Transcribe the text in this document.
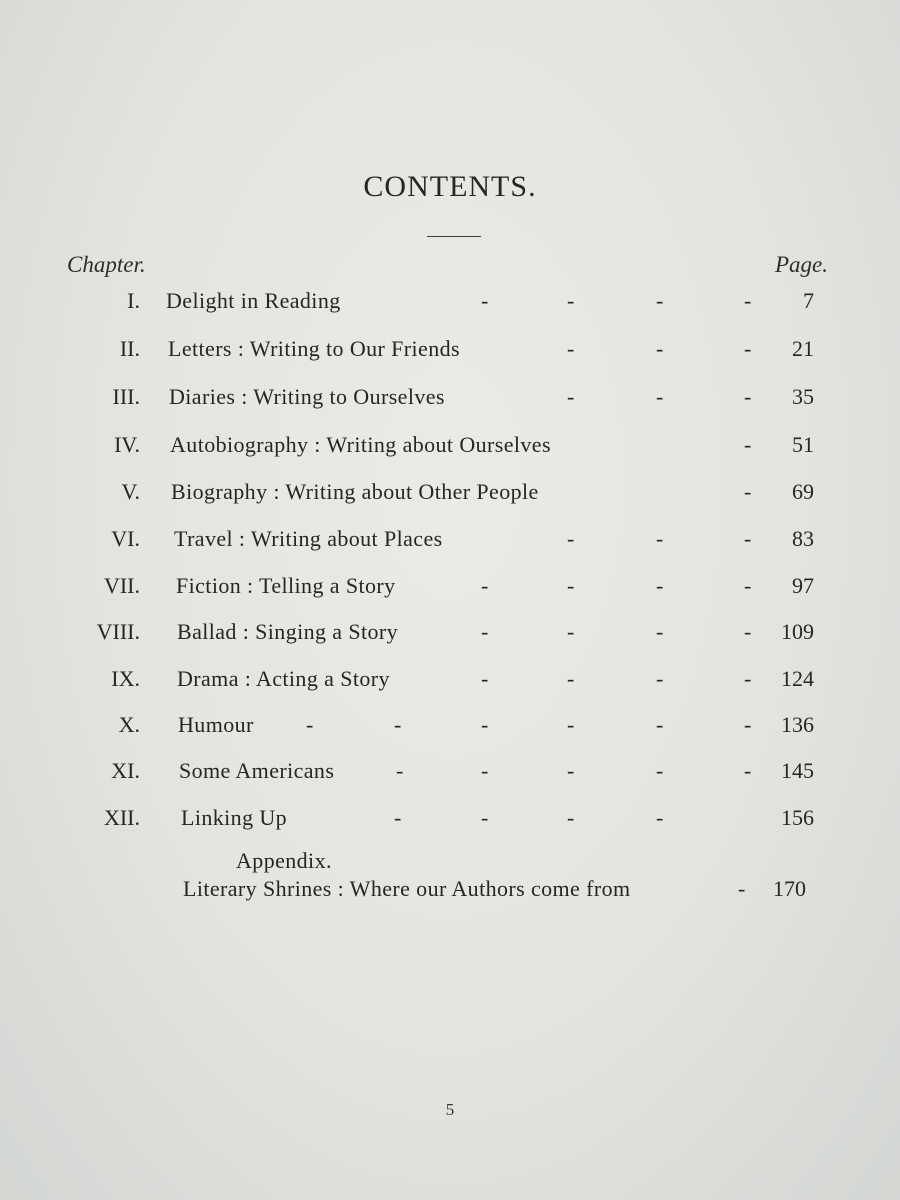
CONTENTS.
Chapter.	Page.
I. Delight in Reading	-	-	-	- 7
II. Letters : Writing to Our Friends	-	-	- 21
III. Diaries : Writing to Ourselves	-	-	- 35
IV. Autobiography : Writing about Ourselves	- 51
V. Biography : Writing about Other People	- 69
VI. Travel : Writing about Places	-	-	- 83
VII. Fiction : Telling a Story	-	-	-	- 97
VIII. Ballad : Singing a Story	-	-	-	- 109
IX. Drama : Acting a Story	-	-	-	- 124
X. Humour -	-	-	-	-	- 136
XI. Some Americans	-	-	-	-	- 145
XII. Linking Up	-	-	-	-	156
Appendix.
Literary Shrines : Where our Authors come from	- 170
5
